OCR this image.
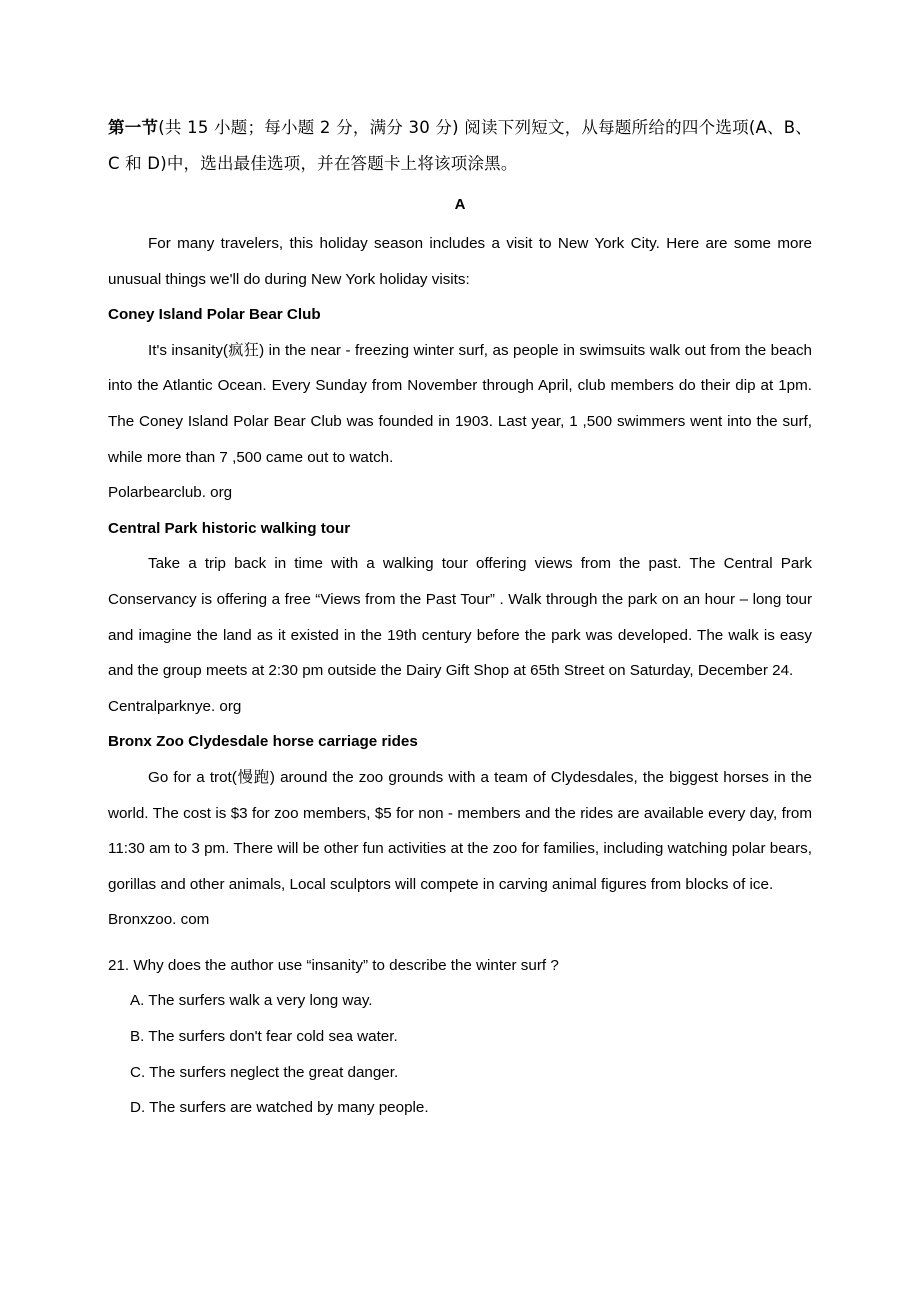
第一节(共 15 小题；每小题 2 分，满分 30 分) 阅读下列短文，从每题所给的四个选项(A、B、C 和 D)中，选出最佳选项，并在答题卡上将该项涂黑。

A

For many travelers, this holiday season includes a visit to New York City. Here are some more unusual things we'll do during New York holiday visits:

Coney Island Polar Bear Club

It's insanity(疯狂) in the near - freezing winter surf, as people in swimsuits walk out from the beach into the Atlantic Ocean. Every Sunday from November through April, club members do their dip at 1pm. The Coney Island Polar Bear Club was founded in 1903. Last year, 1 ,500 swimmers went into the surf, while more than 7 ,500 came out to watch.

Polarbearclub. org

Central Park historic walking tour

Take a trip back in time with a walking tour offering views from the past. The Central Park Conservancy is offering a free “Views from the Past Tour” . Walk through the park on an hour – long tour and imagine the land as it existed in the 19th century before the park was developed. The walk is easy and the group meets at 2:30 pm outside the Dairy Gift Shop at 65th Street on Saturday, December 24.

Centralparknye. org

Bronx Zoo Clydesdale horse carriage rides

Go for a trot(慢跑) around the zoo grounds with a team of Clydesdales, the biggest horses in the world. The cost is $3 for zoo members, $5 for non - members and the rides are available every day, from 11:30 am to 3 pm. There will be other fun activities at the zoo for families, including watching polar bears, gorillas and other animals, Local sculptors will compete in carving animal figures from blocks of ice.

Bronxzoo. com

21. Why does the author use “insanity” to describe the winter surf ?

A. The surfers walk a very long way.

B. The surfers don't fear cold sea water.

C. The surfers neglect the great danger.

D. The surfers are watched by many people.
